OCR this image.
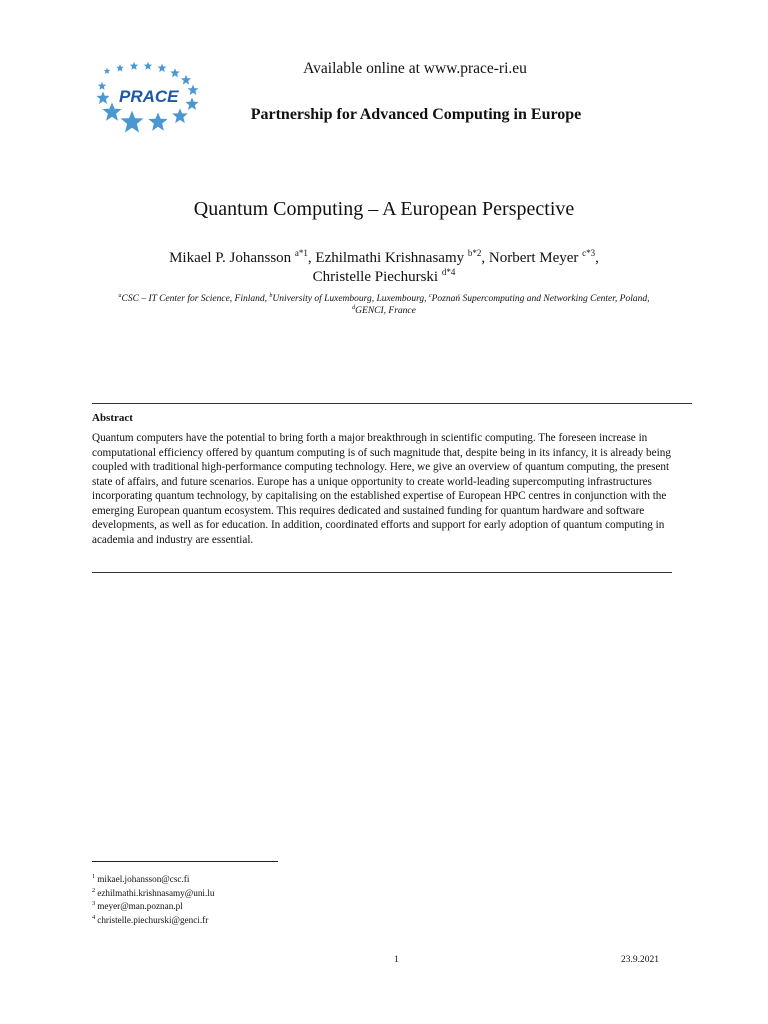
PRACE
Available online at www.prace-ri.eu
Partnership for Advanced Computing in Europe
Quantum Computing – A European Perspective
Mikael P. Johansson $^{a*1}$, Ezhilmathi Krishnasamy $^{b*2}$, Norbert Meyer $^{c*3}$,
Christelle Piechurski $^{d*4}$
$^a$CSC – IT Center for Science, Finland, $^b$University of Luxembourg, Luxembourg, $^c$Poznań Supercomputing and Networking Center, Poland,
$^d$GENCI, France
Abstract
Quantum computers have the potential to bring forth a major breakthrough in scientific computing. The foreseen increase in computational efficiency offered by quantum computing is of such magnitude that, despite being in its infancy, it is already being coupled with traditional high-performance computing technology. Here, we give an overview of quantum computing, the present state of affairs, and future scenarios. Europe has a unique opportunity to create world-leading supercomputing infrastructures incorporating quantum technology, by capitalising on the established expertise of European HPC centres in conjunction with the emerging European quantum ecosystem. This requires dedicated and sustained funding for quantum hardware and software developments, as well as for education. In addition, coordinated efforts and support for early adoption of quantum computing in academia and industry are essential.
$^1$ mikael.johansson@csc.fi
$^2$ ezhilmathi.krishnasamy@uni.lu
$^3$ meyer@man.poznan.pl
$^4$ christelle.piechurski@genci.fr
1	23.9.2021
